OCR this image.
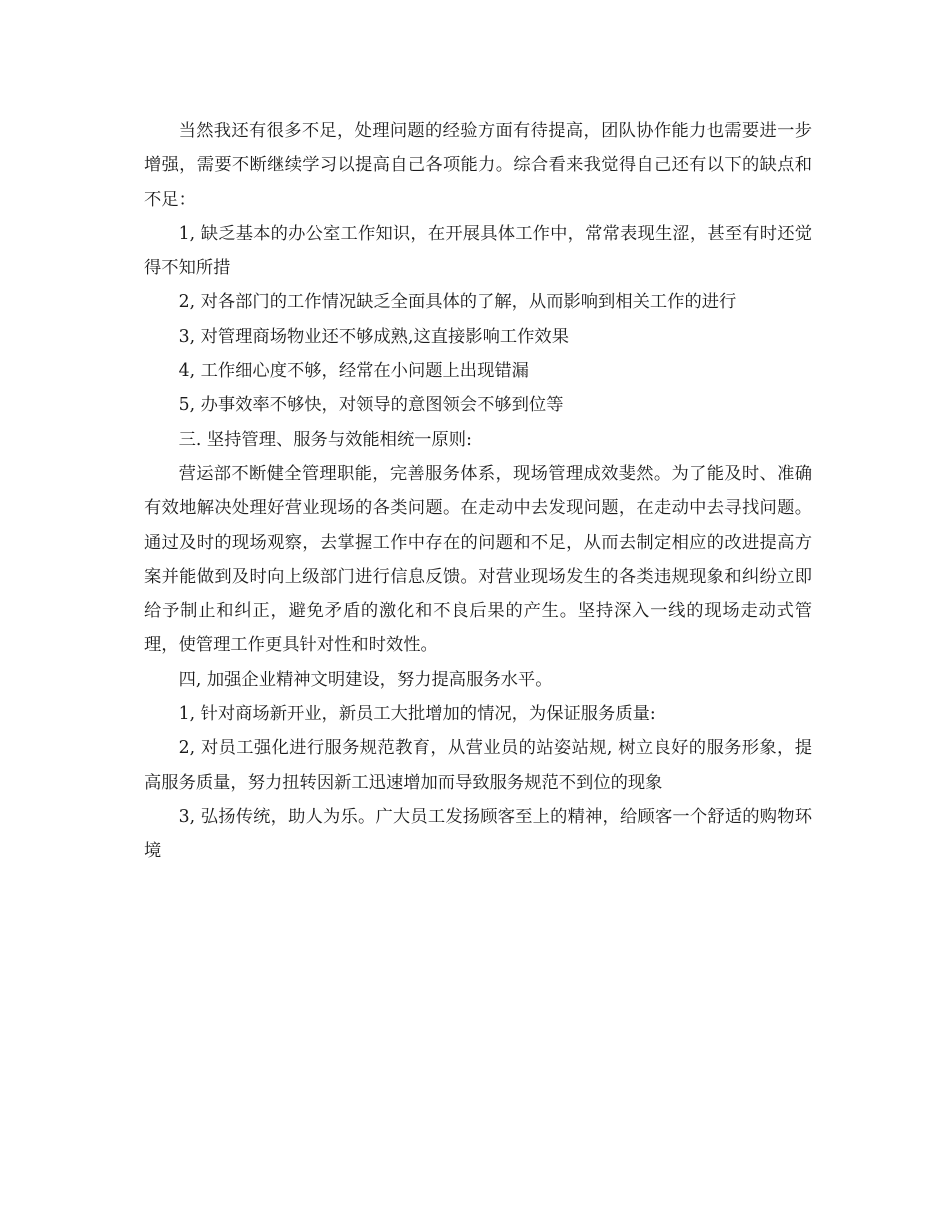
当然我还有很多不足，处理问题的经验方面有待提高，团队协作能力也需要进一步增强，需要不断继续学习以提高自己各项能力。综合看来我觉得自己还有以下的缺点和不足：

1, 缺乏基本的办公室工作知识，在开展具体工作中，常常表现生涩，甚至有时还觉得不知所措

2, 对各部门的工作情况缺乏全面具体的了解，从而影响到相关工作的进行

3, 对管理商场物业还不够成熟,这直接影响工作效果

4, 工作细心度不够，经常在小问题上出现错漏

5, 办事效率不够快，对领导的意图领会不够到位等

三. 坚持管理、服务与效能相统一原则:

营运部不断健全管理职能，完善服务体系，现场管理成效斐然。为了能及时、准确有效地解决处理好营业现场的各类问题。在走动中去发现问题，在走动中去寻找问题。通过及时的现场观察，去掌握工作中存在的问题和不足，从而去制定相应的改进提高方案并能做到及时向上级部门进行信息反馈。对营业现场发生的各类违规现象和纠纷立即给予制止和纠正，避免矛盾的激化和不良后果的产生。坚持深入一线的现场走动式管理，使管理工作更具针对性和时效性。

四, 加强企业精神文明建设，努力提高服务水平。

1, 针对商场新开业，新员工大批增加的情况，为保证服务质量:

2, 对员工强化进行服务规范教育，从营业员的站姿站规, 树立良好的服务形象，提高服务质量，努力扭转因新工迅速增加而导致服务规范不到位的现象

3, 弘扬传统，助人为乐。广大员工发扬顾客至上的精神，给顾客一个舒适的购物环境
